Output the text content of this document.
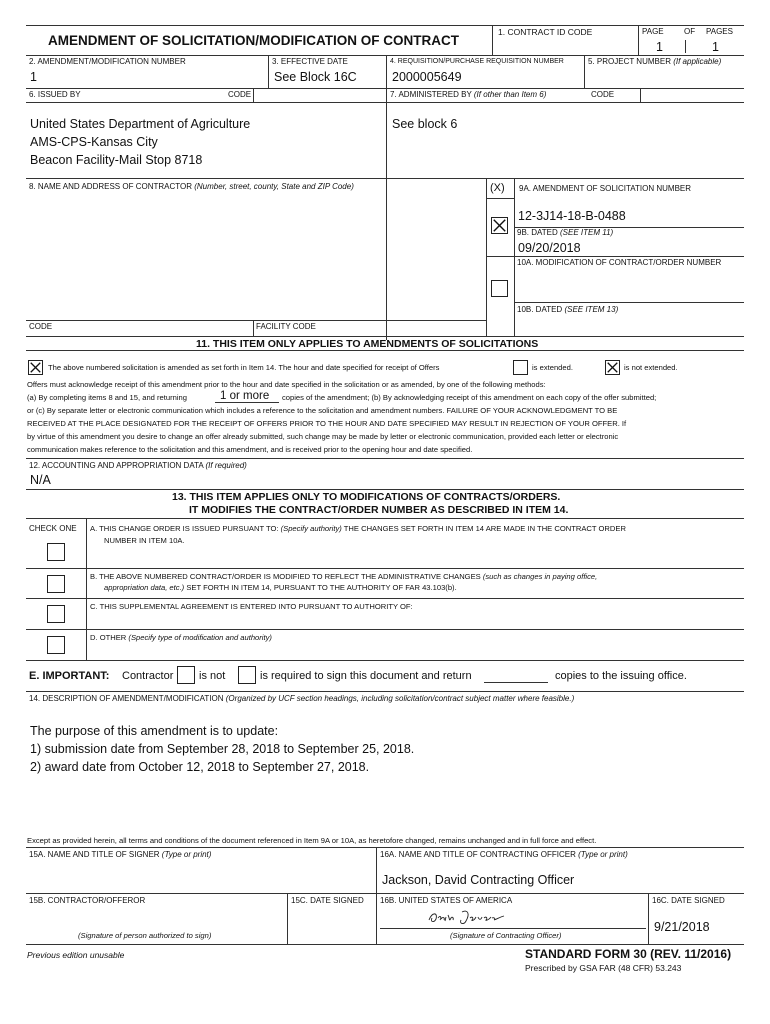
AMENDMENT OF SOLICITATION/MODIFICATION OF CONTRACT
1. CONTRACT ID CODE	PAGE	OF PAGES
1	1
2. AMENDMENT/MODIFICATION NUMBER
1
3. EFFECTIVE DATE
See Block 16C
4. REQUISITION/PURCHASE REQUISITION NUMBER
2000005649
5. PROJECT NUMBER (If applicable)
6. ISSUED BY	CODE	7. ADMINISTERED BY (If other than Item 6)	CODE
United States Department of Agriculture
AMS-CPS-Kansas City
Beacon Facility-Mail Stop 8718
See block 6
8. NAME AND ADDRESS OF CONTRACTOR (Number, street, county, State and ZIP Code)	(X) 9A. AMENDMENT OF SOLICITATION NUMBER
12-3J14-18-B-0488
9B. DATED (SEE ITEM 11)
09/20/2018
10A. MODIFICATION OF CONTRACT/ORDER NUMBER
10B. DATED (SEE ITEM 13)
CODE	FACILITY CODE
11. THIS ITEM ONLY APPLIES TO AMENDMENTS OF SOLICITATIONS
The above numbered solicitation is amended as set forth in Item 14. The hour and date specified for receipt of Offers	is extended.	is not extended.
Offers must acknowledge receipt of this amendment prior to the hour and date specified in the solicitation or as amended, by one of the following methods:
(a) By completing items 8 and 15, and returning	1 or more copies of the amendment; (b) By acknowledging receipt of this amendment on each copy of the offer submitted;
or (c) By separate letter or electronic communication which includes a reference to the solicitation and amendment numbers. FAILURE OF YOUR ACKNOWLEDGMENT TO BE
RECEIVED AT THE PLACE DESIGNATED FOR THE RECEIPT OF OFFERS PRIOR TO THE HOUR AND DATE SPECIFIED MAY RESULT IN REJECTION OF YOUR OFFER. If
by virtue of this amendment you desire to change an offer already submitted, such change may be made by letter or electronic communication, provided each letter or electronic
communication makes reference to the solicitation and this amendment, and is received prior to the opening hour and date specified.
12. ACCOUNTING AND APPROPRIATION DATA (If required)
N/A
13. THIS ITEM APPLIES ONLY TO MODIFICATIONS OF CONTRACTS/ORDERS.
IT MODIFIES THE CONTRACT/ORDER NUMBER AS DESCRIBED IN ITEM 14.
CHECK ONE A. THIS CHANGE ORDER IS ISSUED PURSUANT TO: (Specify authority) THE CHANGES SET FORTH IN ITEM 14 ARE MADE IN THE CONTRACT ORDER
NUMBER IN ITEM 10A.
B. THE ABOVE NUMBERED CONTRACT/ORDER IS MODIFIED TO REFLECT THE ADMINISTRATIVE CHANGES (such as changes in paying office,
appropriation data, etc.) SET FORTH IN ITEM 14, PURSUANT TO THE AUTHORITY OF FAR 43.103(b).
C. THIS SUPPLEMENTAL AGREEMENT IS ENTERED INTO PURSUANT TO AUTHORITY OF:
D. OTHER (Specify type of modification and authority)
E. IMPORTANT: Contractor is not	is required to sign this document and return	copies to the issuing office.
14. DESCRIPTION OF AMENDMENT/MODIFICATION (Organized by UCF section headings, including solicitation/contract subject matter where feasible.)
The purpose of this amendment is to update:
1) submission date from September 28, 2018 to September 25, 2018.
2) award date from October 12, 2018 to September 27, 2018.
Except as provided herein, all terms and conditions of the document referenced in Item 9A or 10A, as heretofore changed, remains unchanged and in full force and effect.
15A. NAME AND TITLE OF SIGNER (Type or print)	16A. NAME AND TITLE OF CONTRACTING OFFICER (Type or print)
Jackson, David Contracting Officer
15B. CONTRACTOR/OFFEROR	15C. DATE SIGNED 16B. UNITED STATES OF AMERICA	16C. DATE SIGNED
9/21/2018
(Signature of person authorized to sign)	(Signature of Contracting Officer)
Previous edition unusable	STANDARD FORM 30 (REV. 11/2016)
Prescribed by GSA FAR (48 CFR) 53.243
